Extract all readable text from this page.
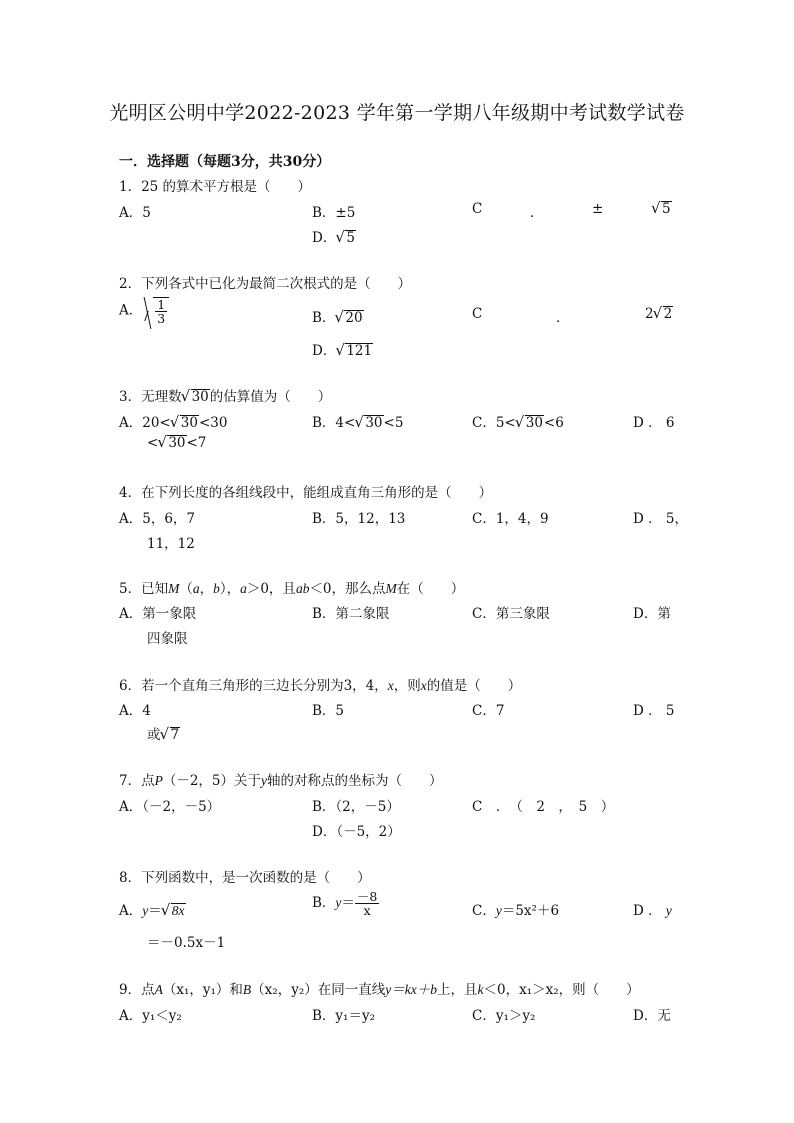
光明区公明中学2022-2023 学年第一学期八年级期中考试数学试卷
一．选择题（每题3分，共30分）
1．25 的算术平方根是（　　）
A．5	B．±5	C	．	±	√ 5
D． √ 5
2．下列各式中已化为最简二次根式的是（　　）
A． $\frac{1}{3}$	B． √ 20	C	．	2 √ 2
D． √ 121
3．无理数 √ 30的估算值为（　　）
A．20< √ 30<30	B．4< √ 30<5	C．5< √ 30<6	D ． 6
< √ 30<7
4．在下列长度的各组线段中，能组成直角三角形的是（　　）
A．5，6，7	B．5，12，13	C．1，4，9	D ． 5，
11，12
5．已知M（a，b），a＞0，且ab＜0，那么点M在（　　）
A．第一象限	B．第二象限	C．第三象限	D．第
四象限
6．若一个直角三角形的三边长分别为3，4，x，则x的值是（　　）
A．4	B．5	C．7	D ． 5
或 √ 7
7．点P（－2，5）关于y轴的对称点的坐标为（　　）
A．（－2，－5）	B．（2，－5）	C　．　（　2　，　5　）
D．（－5，2）
8．下列函数中，是一次函数的是（　　）
A．y＝ √ 8x	B．$y= \frac{-8}{x}$	C．y＝5x²＋6	D ． y
＝－0.5x－1
9．点A（x₁，y₁）和B（x₂，y₂）在同一直线y＝kx＋b上，且k＜0，x₁＞x₂，则（　　）
A．y₁＜y₂	B．y₁＝y₂	C．y₁＞y₂	D．无
